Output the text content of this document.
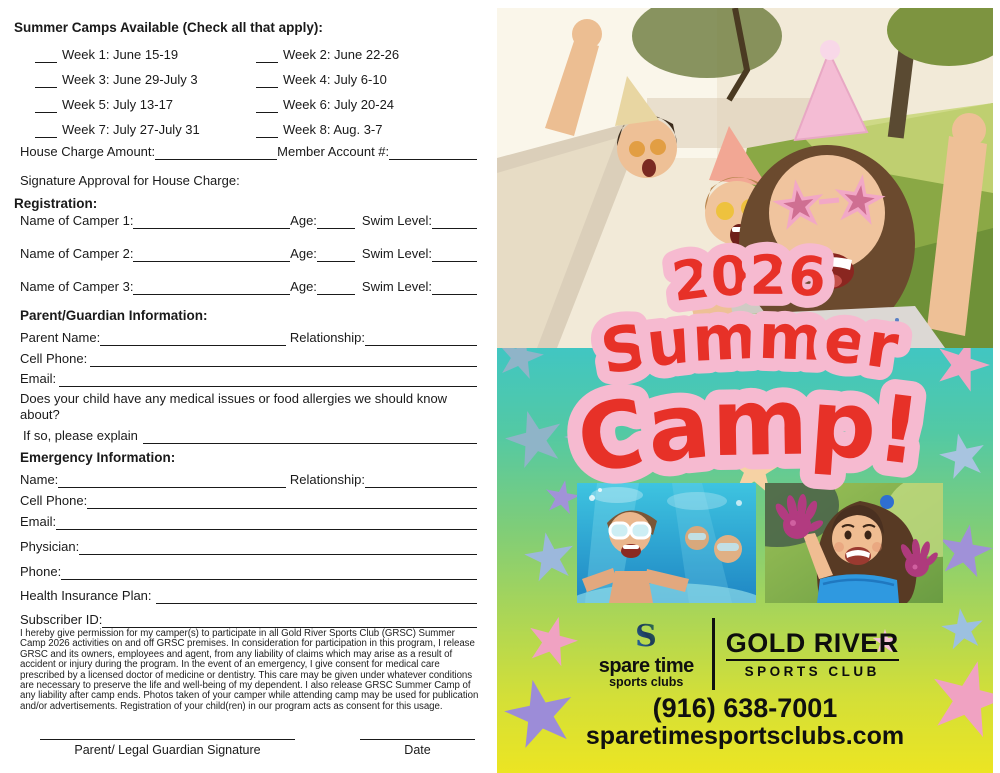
Summer Camps Available (Check all that apply):
Week 1: June 15-19	Week 2: June 22-26
Week 3: June 29-July 3	Week 4: July 6-10
Week 5: July 13-17	Week 6: July 20-24
Week 7: July 27-July 31	Week 8: Aug. 3-7
House Charge Amount:	Member Account #:
Signature Approval for House Charge:
Registration:
Name of Camper 1:	Age:	Swim Level:
Name of Camper 2:	Age:	Swim Level:
Name of Camper 3:	Age:	Swim Level:
Parent/Guardian Information:
Parent Name:	Relationship:
Cell Phone:
Email:
Does your child have any medical issues or food allergies we should know about?
If so, please explain
Emergency Information:
Name:	Relationship:
Cell Phone:
Email:
Physician:
Phone:
Health Insurance Plan:
Subscriber ID:
I hereby give permission for my camper(s) to participate in all Gold River Sports Club (GRSC) Summer Camp 2026 activities on and off GRSC premises. In consideration for participation in this program, I release GRSC and its owners, employees and agent, from any liability of claims which may arise as a result of accident or injury during the program. In the event of an emergency, I give consent for medical care prescribed by a licensed doctor of medicine or dentistry. This care may be given under whatever conditions are necessary to preserve the life and well-being of my dependent. I also release GRSC Summer Camp of any liability after camp ends. Photos taken of your camper while attending camp may be used for publication and/or advertisements. Registration of your child(ren) in our program acts as consent for this usage.
Parent/ Legal Guardian Signature	Date
2026
Summer
Camp!
S
spare time
sports clubs
GOLD RIVER
SPORTS CLUB
(916) 638-7001
sparetimesportsclubs.com
